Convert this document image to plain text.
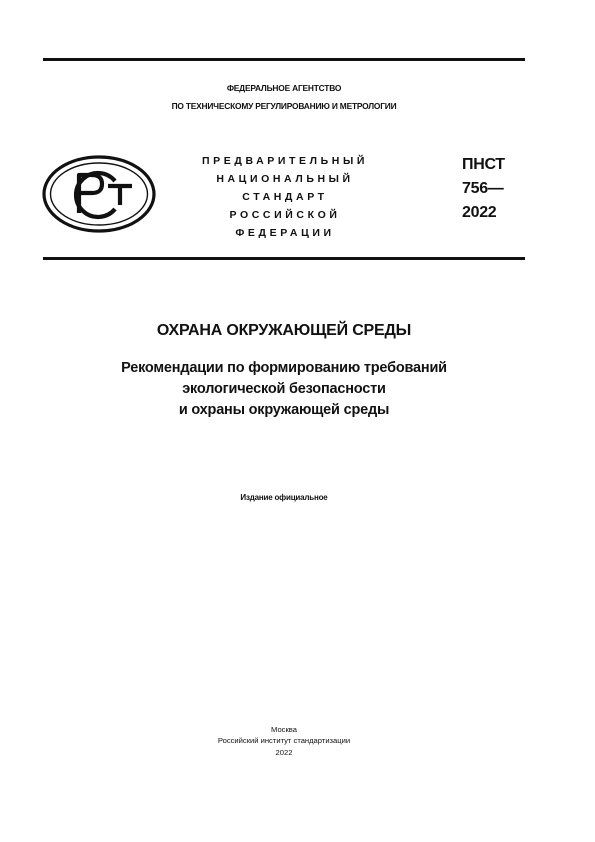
ФЕДЕРАЛЬНОЕ АГЕНТСТВО
ПО ТЕХНИЧЕСКОМУ РЕГУЛИРОВАНИЮ И МЕТРОЛОГИИ
ПРЕДВАРИТЕЛЬНЫЙ
НАЦИОНАЛЬНЫЙ
СТАНДАРТ
РОССИЙСКОЙ
ФЕДЕРАЦИИ
ПНСТ
756—
2022
ОХРАНА ОКРУЖАЮЩЕЙ СРЕДЫ
Рекомендации по формированию требований
экологической безопасности
и охраны окружающей среды
Издание официальное
Москва
Российский институт стандартизации
2022
